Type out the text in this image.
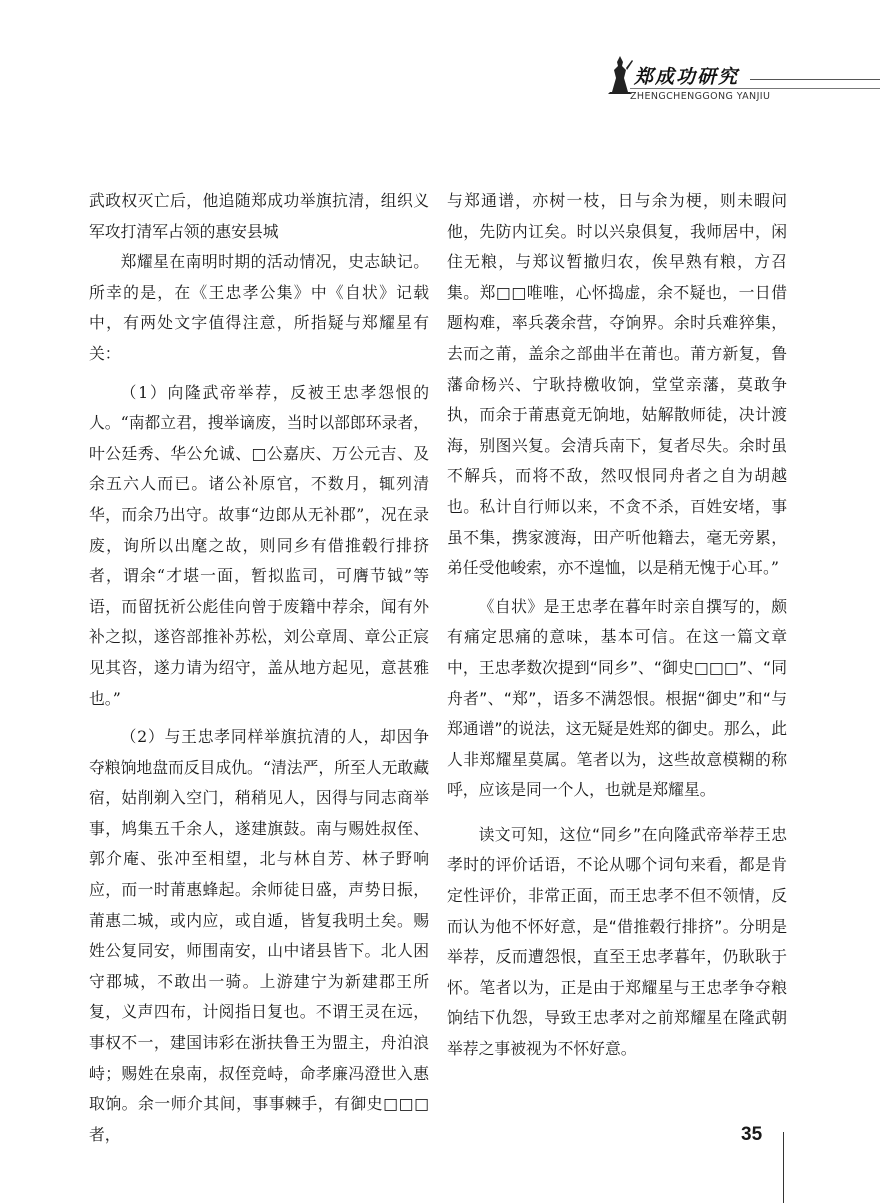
郑成功研究
ZHENGCHENGGONG YANJIU

武政权灭亡后，他追随郑成功举旗抗清，组织义军攻打清军占领的惠安县城

郑耀星在南明时期的活动情况，史志缺记。所幸的是，在《王忠孝公集》中《自状》记载中，有两处文字值得注意，所指疑与郑耀星有关：

（1）向隆武帝举荐，反被王忠孝怨恨的人。“南都立君，搜举谪废，当时以部郎环录者，叶公廷秀、华公允诚、□公嘉庆、万公元吉、及余五六人而已。诸公补原官，不数月，辄列清华，而余乃出守。故事“边郎从无补郡”，况在录废，询所以出麾之故，则同乡有借推毂行排挤者，谓余“才堪一面，暂拟监司，可膺节钺”等语，而留抚祈公彪佳向曾于废籍中荐余，闻有外补之拟，遂咨部推补苏松，刘公章周、章公正宸见其咨，遂力请为绍守，盖从地方起见，意甚雅也。”

（2）与王忠孝同样举旗抗清的人，却因争夺粮饷地盘而反目成仇。“清法严，所至人无敢藏宿，姑削剃入空门，稍稍见人，因得与同志商举事，鸠集五千余人，遂建旗鼓。南与赐姓叔侄、郭介庵、张冲至相望，北与林自芳、林子野响应，而一时莆惠蜂起。余师徒日盛，声势日振，莆惠二城，或内应，或自遁，皆复我明土矣。赐姓公复同安，师围南安，山中诸县皆下。北人困守郡城，不敢出一骑。上游建宁为新建郡王所复，义声四布，计阅指日复也。不谓王灵在远，事权不一，建国讳彩在浙扶鲁王为盟主，舟泊浪峙；赐姓在泉南，叔侄竞峙，命孝廉冯澄世入惠取饷。余一师介其间，事事棘手，有御史□□□者，

与郑通谱，亦树一枝，日与余为梗，则未暇问他，先防内讧矣。时以兴泉俱复，我师居中，闲住无粮，与郑议暂撤归农，俟早熟有粮，方召集。郑□□唯唯，心怀捣虚，余不疑也，一日借题构难，率兵袭余营，夺饷界。余时兵难猝集，去而之莆，盖余之部曲半在莆也。莆方新复，鲁藩命杨兴、宁耿持檄收饷，堂堂亲藩，莫敢争执，而余于莆惠竟无饷地，姑解散师徒，决计渡海，别图兴复。会清兵南下，复者尽失。余时虽不解兵，而将不敌，然叹恨同舟者之自为胡越也。私计自行师以来，不贪不杀，百姓安堵，事虽不集，携家渡海，田产听他籍去，毫无旁累，弟任受他峻索，亦不遑恤，以是稍无愧于心耳。”

《自状》是王忠孝在暮年时亲自撰写的，颇有痛定思痛的意味，基本可信。在这一篇文章中，王忠孝数次提到“同乡”、“御史□□□”、“同舟者”、“郑”，语多不满怨恨。根据“御史”和“与郑通谱”的说法，这无疑是姓郑的御史。那么，此人非郑耀星莫属。笔者以为，这些故意模糊的称呼，应该是同一个人，也就是郑耀星。

读文可知，这位“同乡”在向隆武帝举荐王忠孝时的评价话语，不论从哪个词句来看，都是肯定性评价，非常正面，而王忠孝不但不领情，反而认为他不怀好意，是“借推毂行排挤”。分明是举荐，反而遭怨恨，直至王忠孝暮年，仍耿耿于怀。笔者以为，正是由于郑耀星与王忠孝争夺粮饷结下仇怨，导致王忠孝对之前郑耀星在隆武朝举荐之事被视为不怀好意。

35
